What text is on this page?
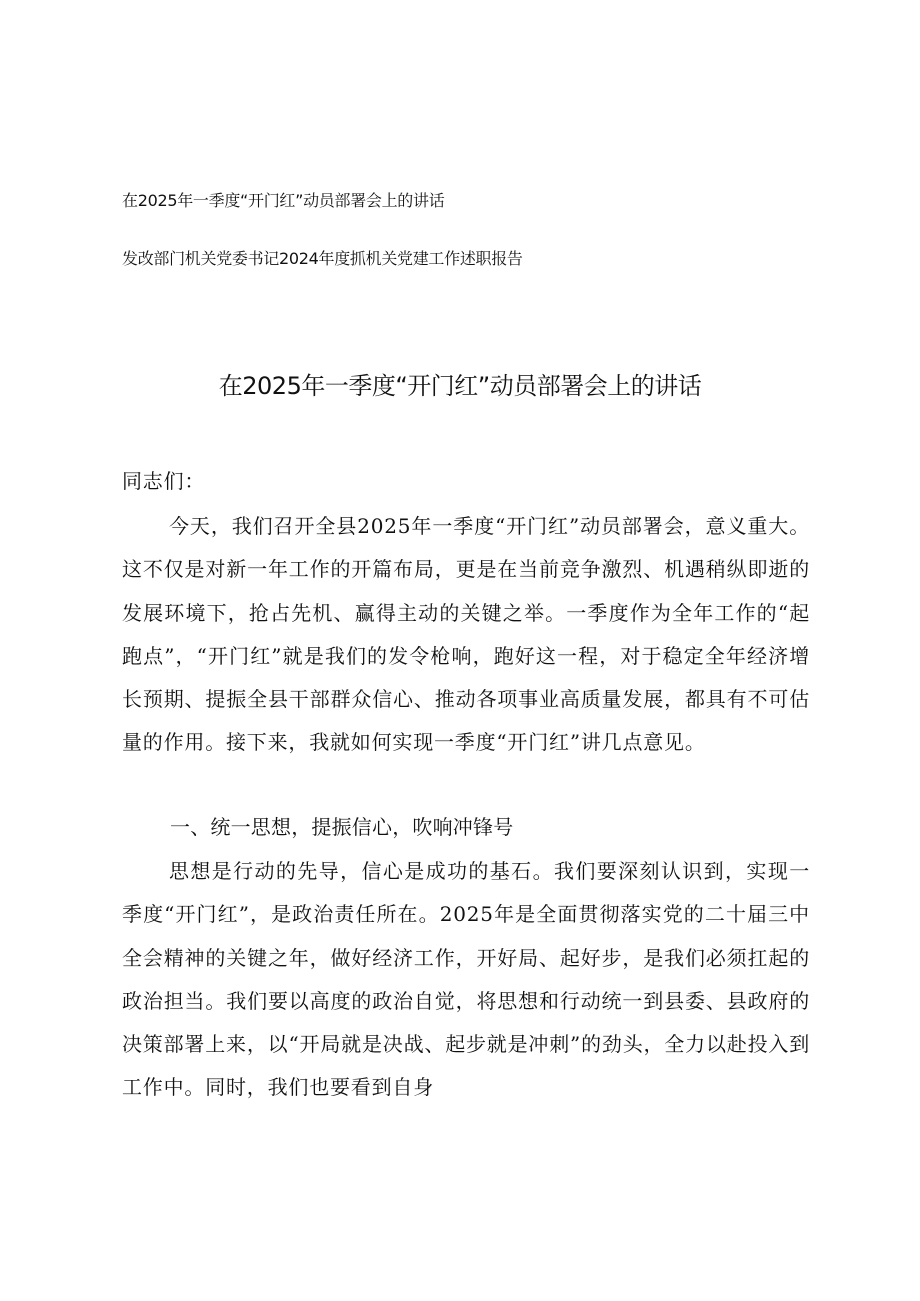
在2025年一季度“开门红”动员部署会上的讲话
发改部门机关党委书记2024年度抓机关党建工作述职报告
在2025年一季度“开门红”动员部署会上的讲话
同志们：
今天，我们召开全县2025年一季度“开门红”动员部署会，意义重大。这不仅是对新一年工作的开篇布局，更是在当前竞争激烈、机遇稍纵即逝的发展环境下，抢占先机、赢得主动的关键之举。一季度作为全年工作的“起跑点”，“开门红”就是我们的发令枪响，跑好这一程，对于稳定全年经济增长预期、提振全县干部群众信心、推动各项事业高质量发展，都具有不可估量的作用。接下来，我就如何实现一季度“开门红”讲几点意见。
一、统一思想，提振信心，吹响冲锋号
思想是行动的先导，信心是成功的基石。我们要深刻认识到，实现一季度“开门红”，是政治责任所在。2025年是全面贯彻落实党的二十届三中全会精神的关键之年，做好经济工作，开好局、起好步，是我们必须扛起的政治担当。我们要以高度的政治自觉，将思想和行动统一到县委、县政府的决策部署上来，以“开局就是决战、起步就是冲刺”的劲头，全力以赴投入到工作中。同时，我们也要看到自身
